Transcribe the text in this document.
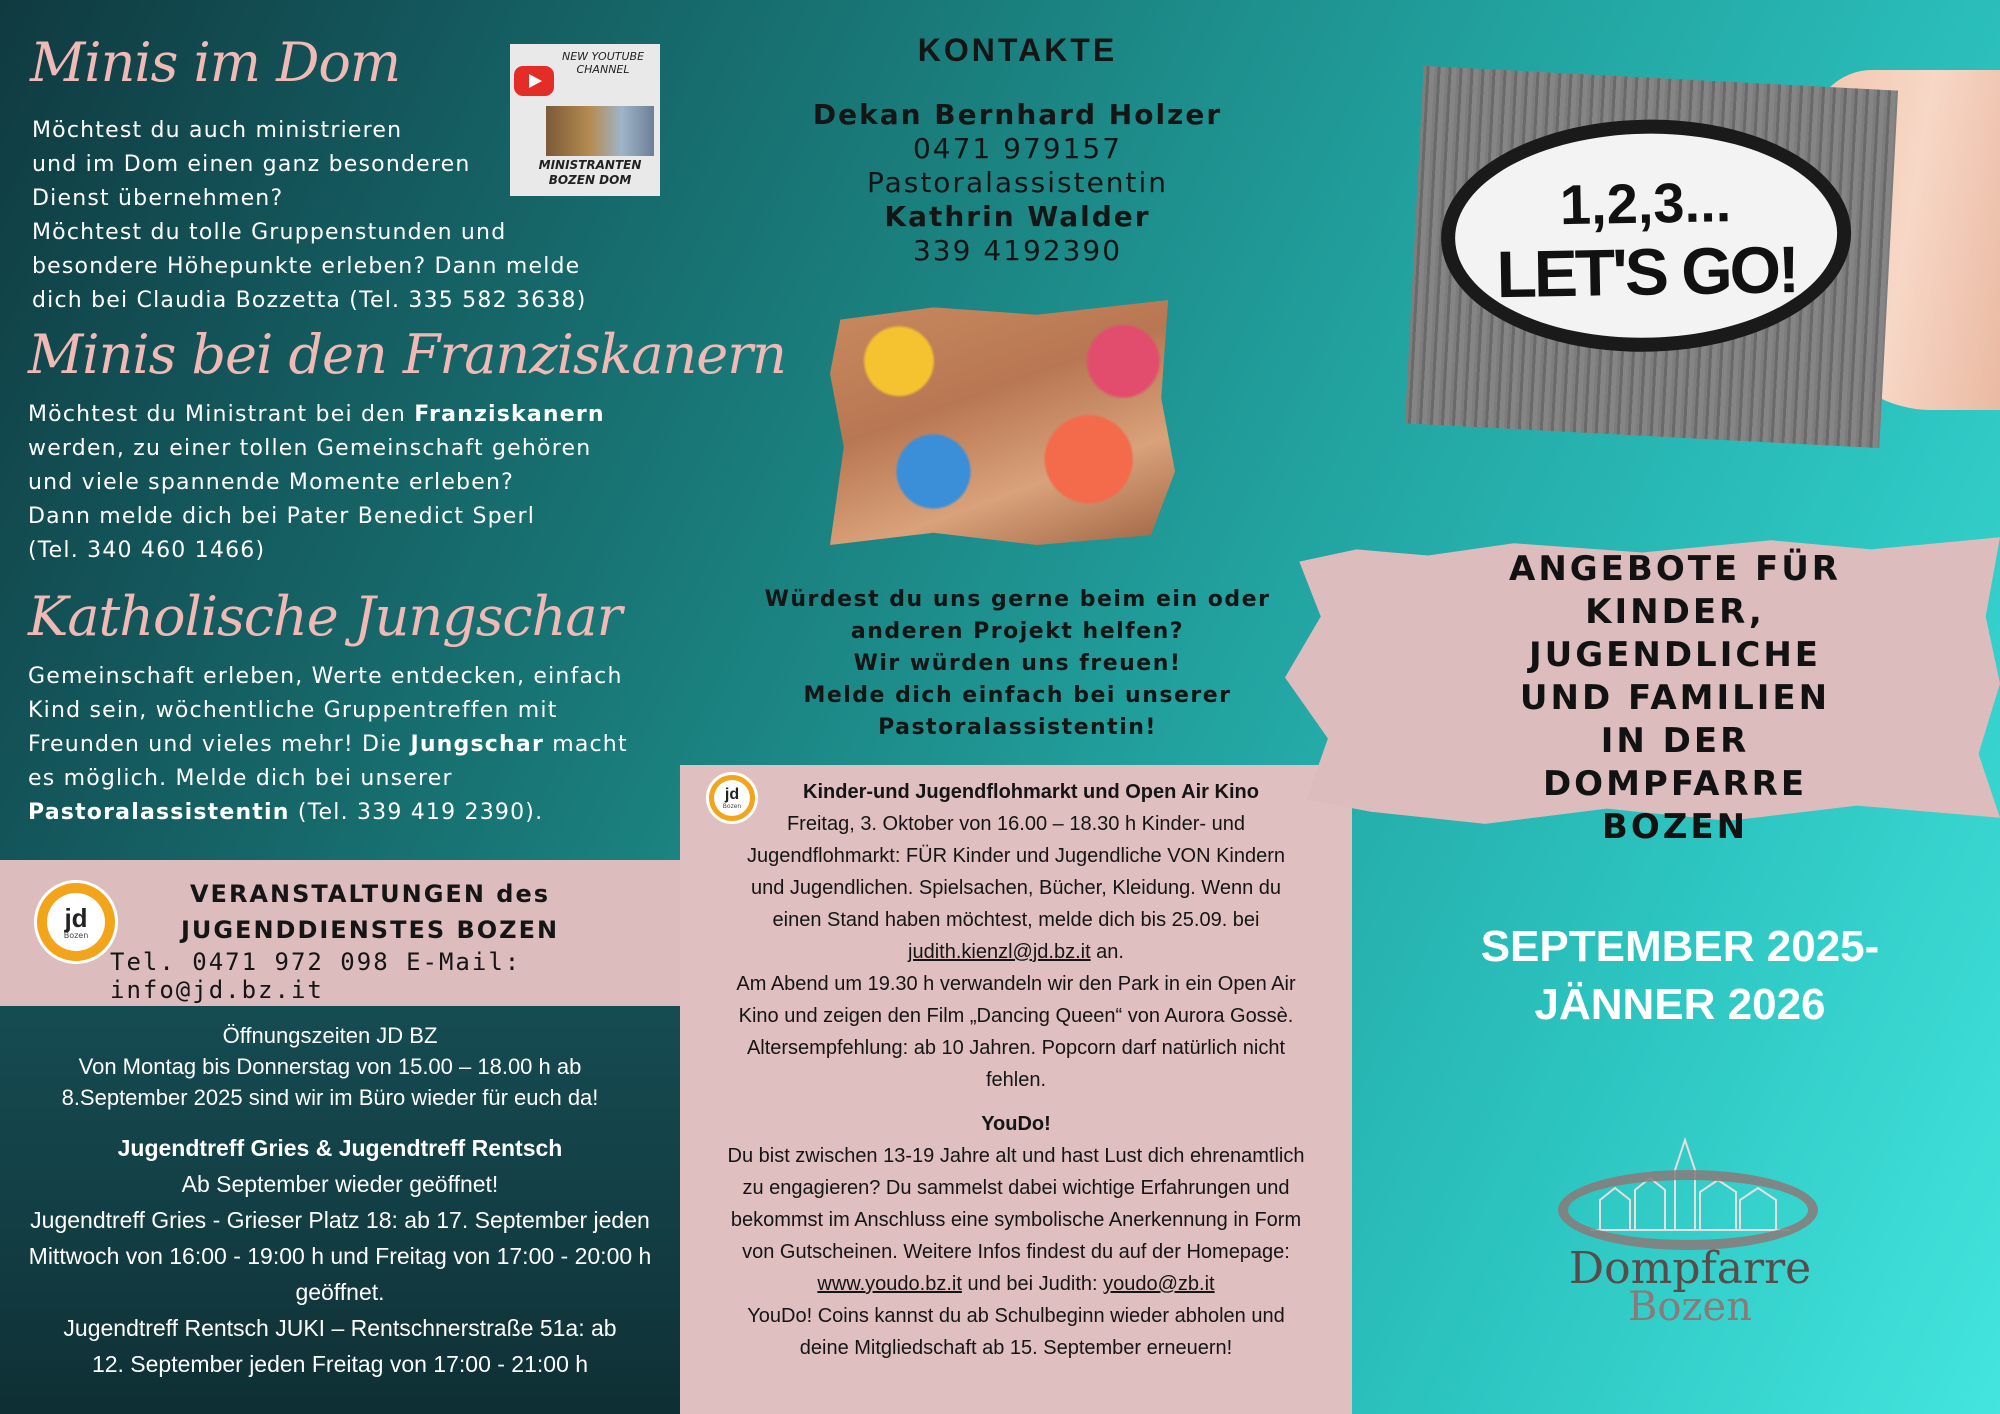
Minis im Dom
Möchtest du auch ministrieren
und im Dom einen ganz besonderen
Dienst übernehmen?
Möchtest du tolle Gruppenstunden und
besondere Höhepunkte erleben? Dann melde
dich bei Claudia Bozzetta (Tel. 335 582 3638)
NEW YOUTUBE CHANNEL
MINISTRANTEN BOZEN DOM
Minis bei den Franziskanern
Möchtest du Ministrant bei den Franziskanern
werden, zu einer tollen Gemeinschaft gehören
und viele spannende Momente erleben?
Dann melde dich bei Pater Benedict Sperl
(Tel. 340 460 1466)
Katholische Jungschar
Gemeinschaft erleben, Werte entdecken, einfach
Kind sein, wöchentliche Gruppentreffen mit
Freunden und vieles mehr! Die Jungschar macht
es möglich. Melde dich bei unserer
Pastoralassistentin (Tel. 339 419 2390).
jd
Bozen
VERANSTALTUNGEN des
JUGENDDIENSTES BOZEN
Tel. 0471 972 098 E-Mail: info@jd.bz.it
Öffnungszeiten JD BZ
Von Montag bis Donnerstag von 15.00 – 18.00 h ab
8.September 2025 sind wir im Büro wieder für euch da!
Jugendtreff Gries & Jugendtreff Rentsch
Ab September wieder geöffnet!
Jugendtreff Gries - Grieser Platz 18: ab 17. September jeden
Mittwoch von 16:00 - 19:00 h und Freitag von 17:00 - 20:00 h
geöffnet.
Jugendtreff Rentsch JUKI – Rentschnerstraße 51a: ab
12. September jeden Freitag von 17:00 - 21:00 h
KONTAKTE
Dekan Bernhard Holzer
0471 979157
Pastoralassistentin
Kathrin Walder
339 4192390
Würdest du uns gerne beim ein oder
anderen Projekt helfen?
Wir würden uns freuen!
Melde dich einfach bei unserer
Pastoralassistentin!
jd
Bozen
Kinder-und Jugendflohmarkt und Open Air Kino
Freitag, 3. Oktober von 16.00 – 18.30 h Kinder- und
Jugendflohmarkt: FÜR Kinder und Jugendliche VON Kindern
und Jugendlichen. Spielsachen, Bücher, Kleidung. Wenn du
einen Stand haben möchtest, melde dich bis 25.09. bei
judith.kienzl@jd.bz.it an.
Am Abend um 19.30 h verwandeln wir den Park in ein Open Air
Kino und zeigen den Film „Dancing Queen“ von Aurora Gossè.
Altersempfehlung: ab 10 Jahren. Popcorn darf natürlich nicht
fehlen.
YouDo!
Du bist zwischen 13-19 Jahre alt und hast Lust dich ehrenamtlich
zu engagieren? Du sammelst dabei wichtige Erfahrungen und
bekommst im Anschluss eine symbolische Anerkennung in Form
von Gutscheinen. Weitere Infos findest du auf der Homepage:
www.youdo.bz.it und bei Judith: youdo@zb.it
YouDo! Coins kannst du ab Schulbeginn wieder abholen und
deine Mitgliedschaft ab 15. September erneuern!
1,2,3...
LET'S GO!
ANGEBOTE FÜR KINDER,
JUGENDLICHE
UND FAMILIEN
IN DER
DOMPFARRE
BOZEN
SEPTEMBER 2025-
JÄNNER 2026
Dompfarre
Bozen
